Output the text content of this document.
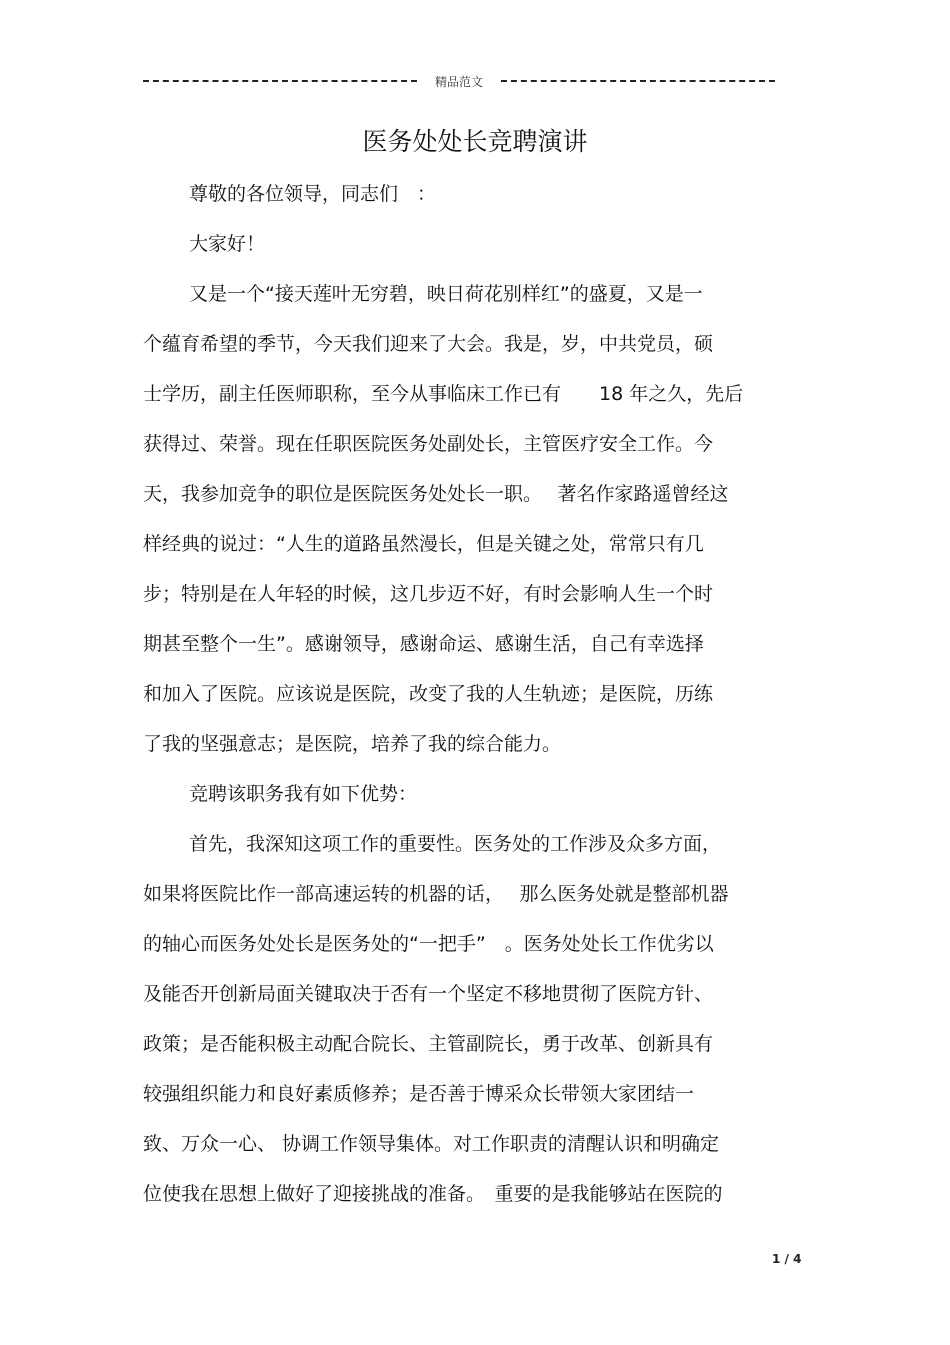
精品范文
医务处处长竞聘演讲
尊敬的各位领导，同志们　：
大家好！
又是一个“接天莲叶无穷碧，映日荷花别样红”的盛夏，又是一
个蕴育希望的季节，今天我们迎来了大会。我是，岁，中共党员，硕
士学历，副主任医师职称，至今从事临床工作已有　　18 年之久，先后
获得过、荣誉。现在任职医院医务处副处长，主管医疗安全工作。今
天，我参加竞争的职位是医院医务处处长一职。　 著名作家路遥曾经这
样经典的说过：“人生的道路虽然漫长，但是关键之处，常常只有几
步；特别是在人年轻的时候，这几步迈不好，有时会影响人生一个时
期甚至整个一生”。感谢领导，感谢命运、感谢生活，自己有幸选择
和加入了医院。应该说是医院，改变了我的人生轨迹；是医院，历练
了我的坚强意志；是医院，培养了我的综合能力。
竞聘该职务我有如下优势：
首先，我深知这项工作的重要性。医务处的工作涉及众多方面，
如果将医院比作一部高速运转的机器的话，　 那么医务处就是整部机器
的轴心而医务处处长是医务处的“一把手”　。医务处处长工作优劣以
及能否开创新局面关键取决于否有一个坚定不移地贯彻了医院方针、
政策；是否能积极主动配合院长、主管副院长，勇于改革、创新具有
较强组织能力和良好素质修养；是否善于博采众长带领大家团结一
致、万众一心、 协调工作领导集体。对工作职责的清醒认识和明确定
位使我在思想上做好了迎接挑战的准备。　重要的是我能够站在医院的
1 / 4
